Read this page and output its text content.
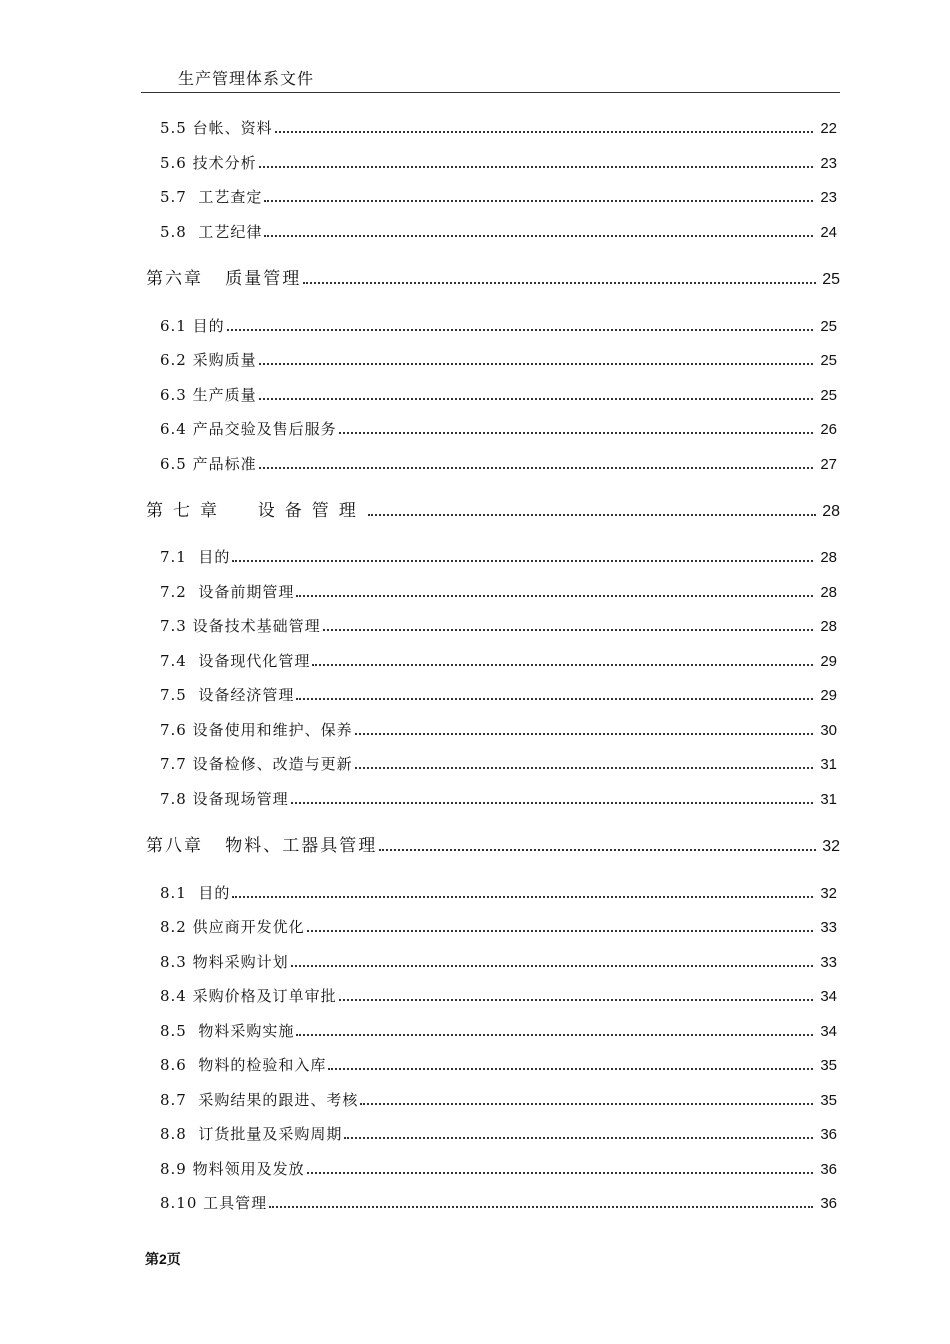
生产管理体系文件
5.5 台帐、资料	22
5.6 技术分析	23
5.7  工艺查定	23
5.8  工艺纪律	24
第六章   质量管理	25
6.1 目的	25
6.2 采购质量	25
6.3 生产质量	25
6.4 产品交验及售后服务	26
6.5 产品标准	27
第七章  设备管理	28
7.1  目的	28
7.2  设备前期管理	28
7.3 设备技术基础管理	28
7.4  设备现代化管理	29
7.5  设备经济管理	29
7.6 设备使用和维护、保养	30
7.7 设备检修、改造与更新	31
7.8 设备现场管理	31
第八章   物料、工器具管理	32
8.1  目的	32
8.2 供应商开发优化	33
8.3 物料采购计划	33
8.4 采购价格及订单审批	34
8.5  物料采购实施	34
8.6  物料的检验和入库	35
8.7  采购结果的跟进、考核	35
8.8  订货批量及采购周期	36
8.9 物料领用及发放	36
8.10 工具管理	36
第2页
